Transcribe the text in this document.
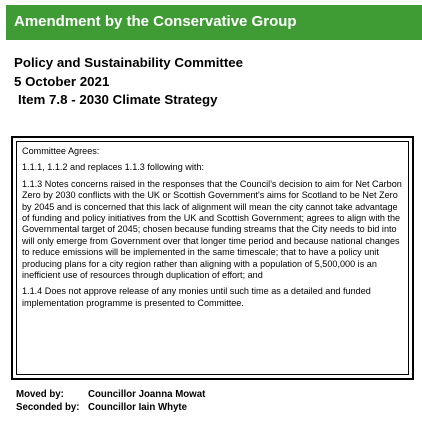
Amendment by the Conservative Group
Policy and Sustainability Committee
5 October 2021
Item 7.8 - 2030 Climate Strategy

Committee Agrees:

1.1.1, 1.1.2 and replaces 1.1.3 following with:

1.1.3 Notes concerns raised in the responses that the Council's decision to aim for Net Carbon Zero by 2030 conflicts with the UK or Scottish Government's aims for Scotland to be Net Zero by 2045 and is concerned that this lack of alignment will mean the city cannot take advantage of funding and policy initiatives from the UK and Scottish Government; agrees to align with the Governmental target of 2045; chosen because funding streams that the City needs to bid into will only emerge from Government over that longer time period and because national changes to reduce emissions will be implemented in the same timescale; that to have a policy unit producing plans for a city region rather than aligning with a population of 5,500,000 is an inefficient use of resources through duplication of effort; and

1.1.4 Does not approve release of any monies until such time as a detailed and funded implementation programme is presented to Committee.

Moved by:	Councillor Joanna Mowat
Seconded by: Councillor Iain Whyte
